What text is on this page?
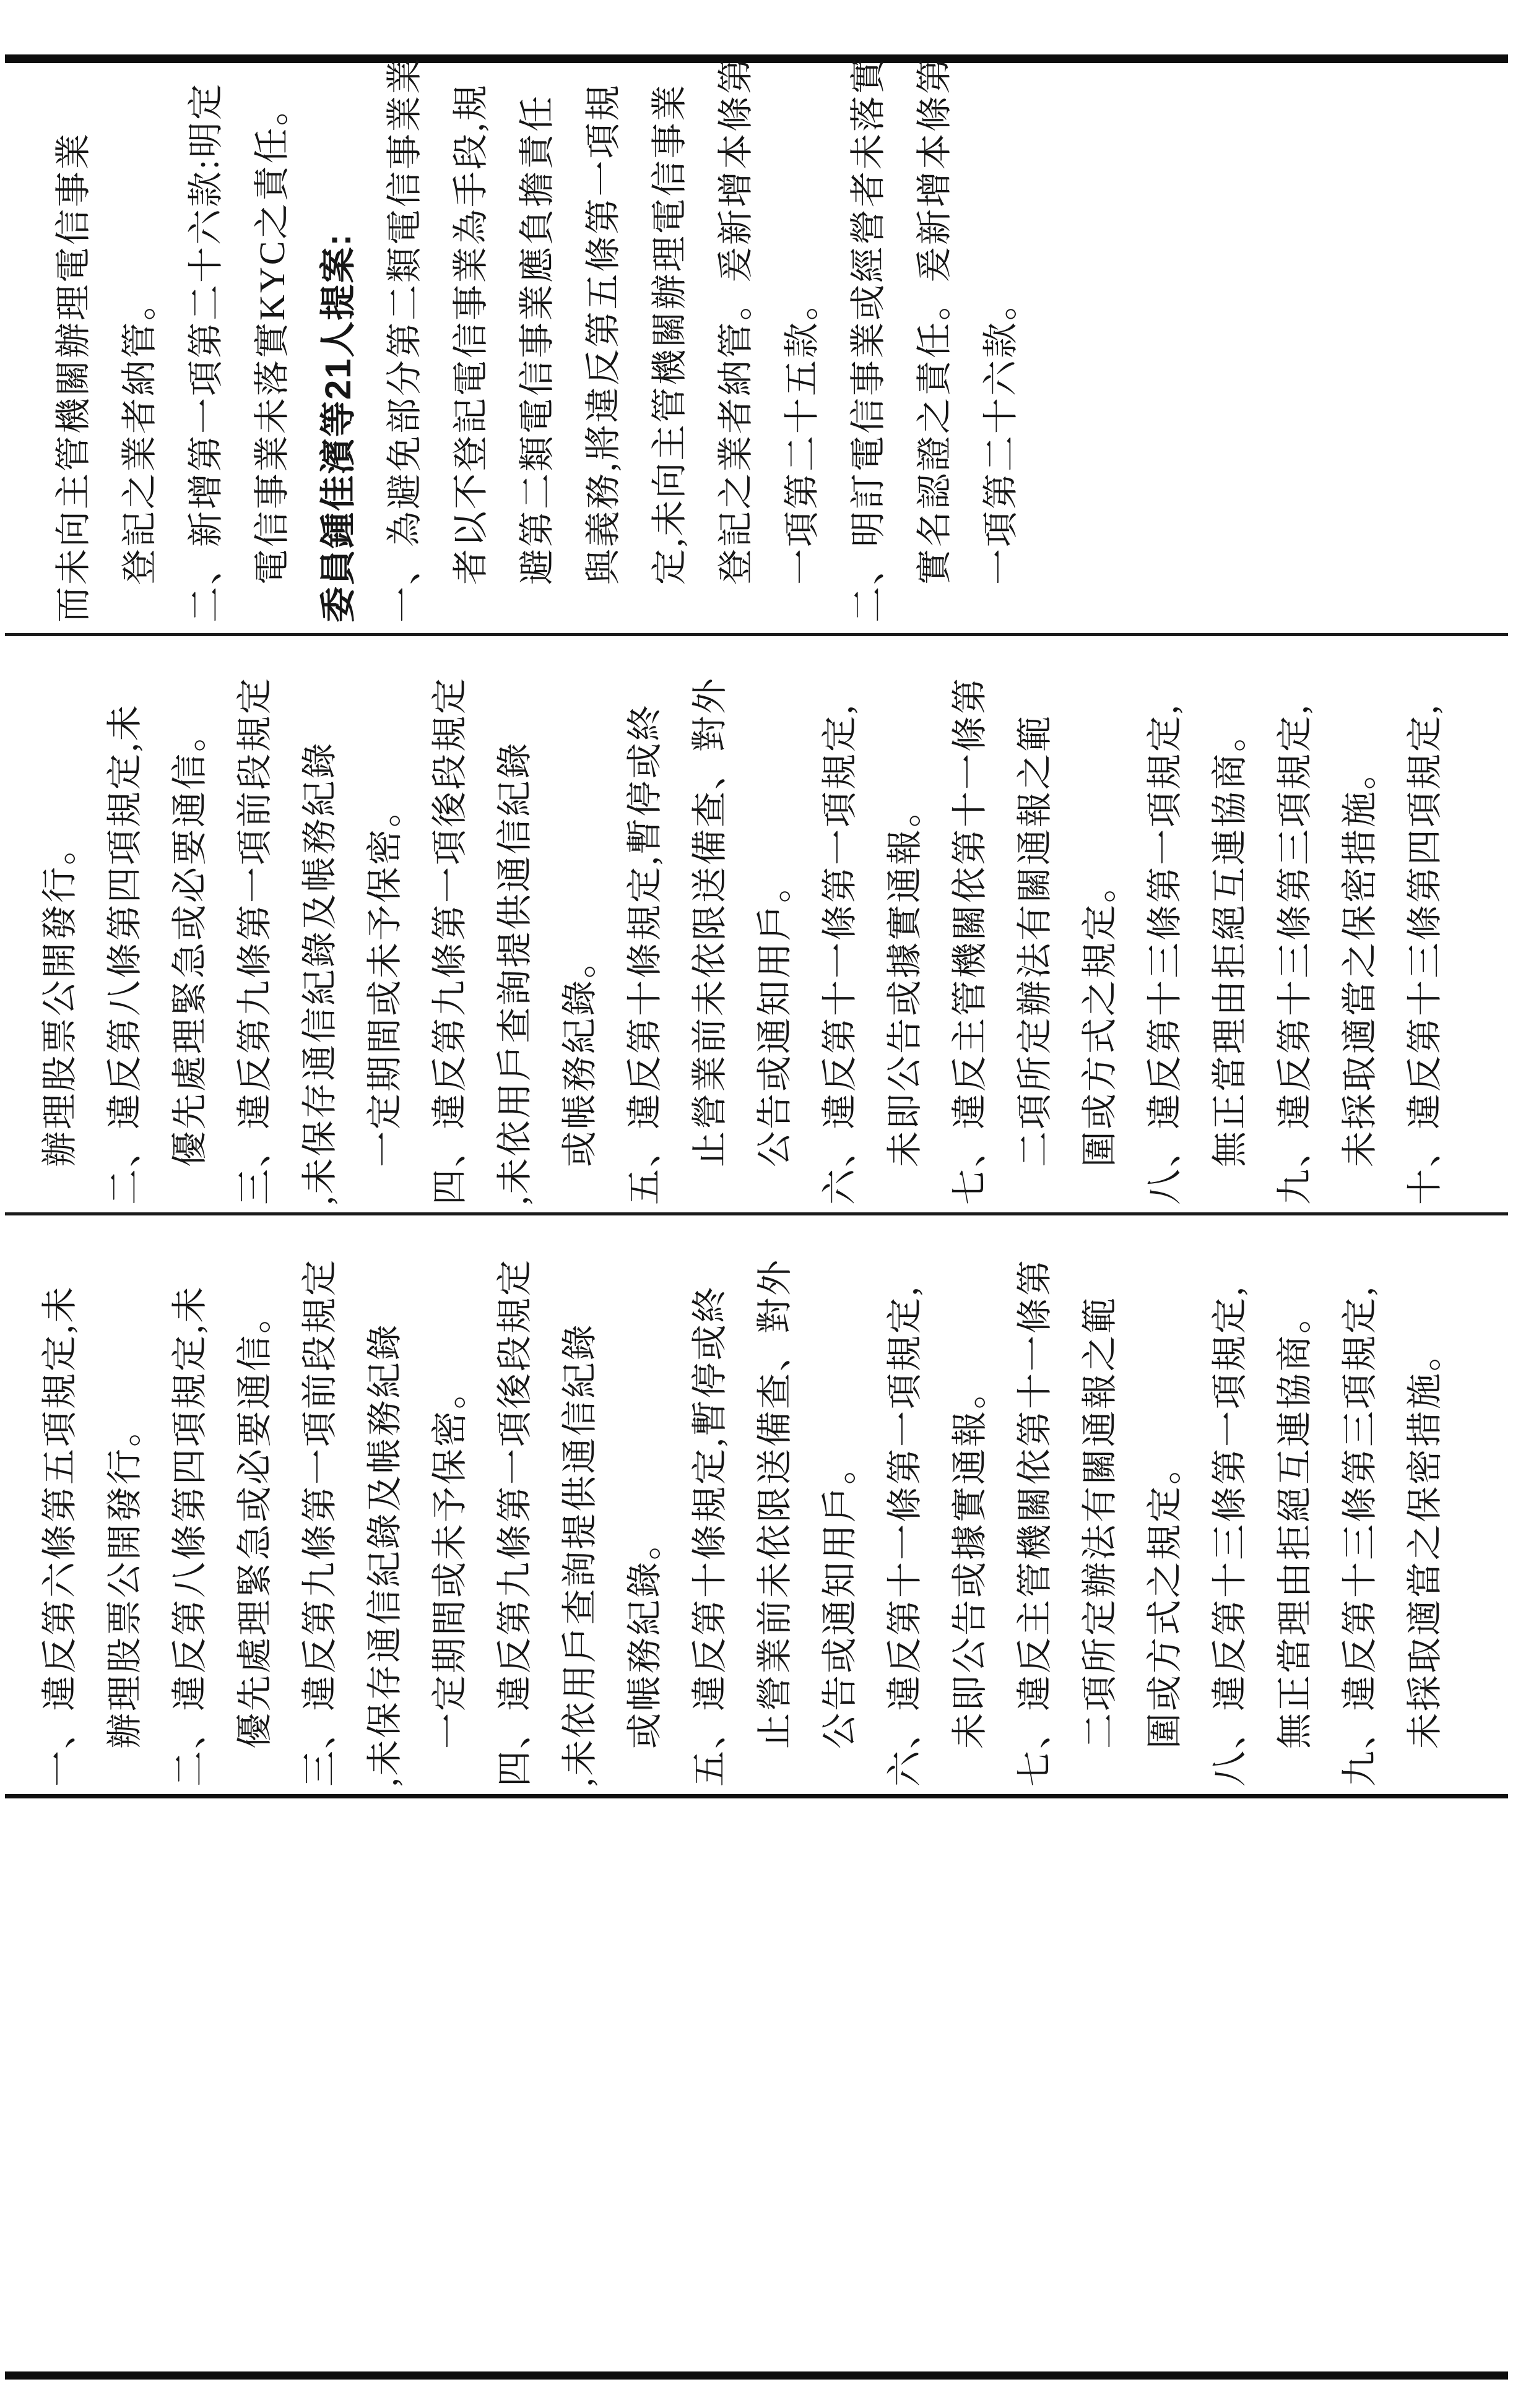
而未向主管機關辦理電信事業 登記之業者納管。 二、新增第一項第二十六款:明定 電信事業未落實KYC之責任。 委員鍾佳濱等21人提案: 一、為避免部分第二類電信事業業 者以不登記電信事業為手段,規 避第二類電信事業應負擔責任 與義務,將違反第五條第一項規 定,未向主管機關辦理電信事業 登記之業者納管。爰新增本條第 一項第二十五款。 二、明訂電信事業或經營者未落實 實名認證之責任。爰新增本條第 一項第二十六款。
辦理股票公開發行。 二、違反第八條第四項規定,未 優先處理緊急或必要通信。 三、違反第九條第一項前段規定 ,未保存通信紀錄及帳務紀錄 一定期間或未予保密。 四、違反第九條第一項後段規定 ,未依用戶查詢提供通信紀錄 或帳務紀錄。 五、違反第十條規定,暫停或終 止營業前未依限送備查、對外 公告或通知用戶。 六、違反第十一條第一項規定, 未即公告或據實通報。 七、違反主管機關依第十一條第 二項所定辦法有關通報之範 圍或方式之規定。 八、違反第十三條第一項規定, 無正當理由拒絕互連協商。 九、違反第十三條第三項規定, 未採取適當之保密措施。 十、違反第十三條第四項規定,
一、違反第六條第五項規定,未 辦理股票公開發行。 二、違反第八條第四項規定,未 優先處理緊急或必要通信。 三、違反第九條第一項前段規定 ,未保存通信紀錄及帳務紀錄 一定期間或未予保密。 四、違反第九條第一項後段規定 ,未依用戶查詢提供通信紀錄 或帳務紀錄。 五、違反第十條規定,暫停或終 止營業前未依限送備查、對外 公告或通知用戶。 六、違反第十一條第一項規定, 未即公告或據實通報。 七、違反主管機關依第十一條第 二項所定辦法有關通報之範 圍或方式之規定。 八、違反第十三條第一項規定, 無正當理由拒絕互連協商。 九、違反第十三條第三項規定, 未採取適當之保密措施。
